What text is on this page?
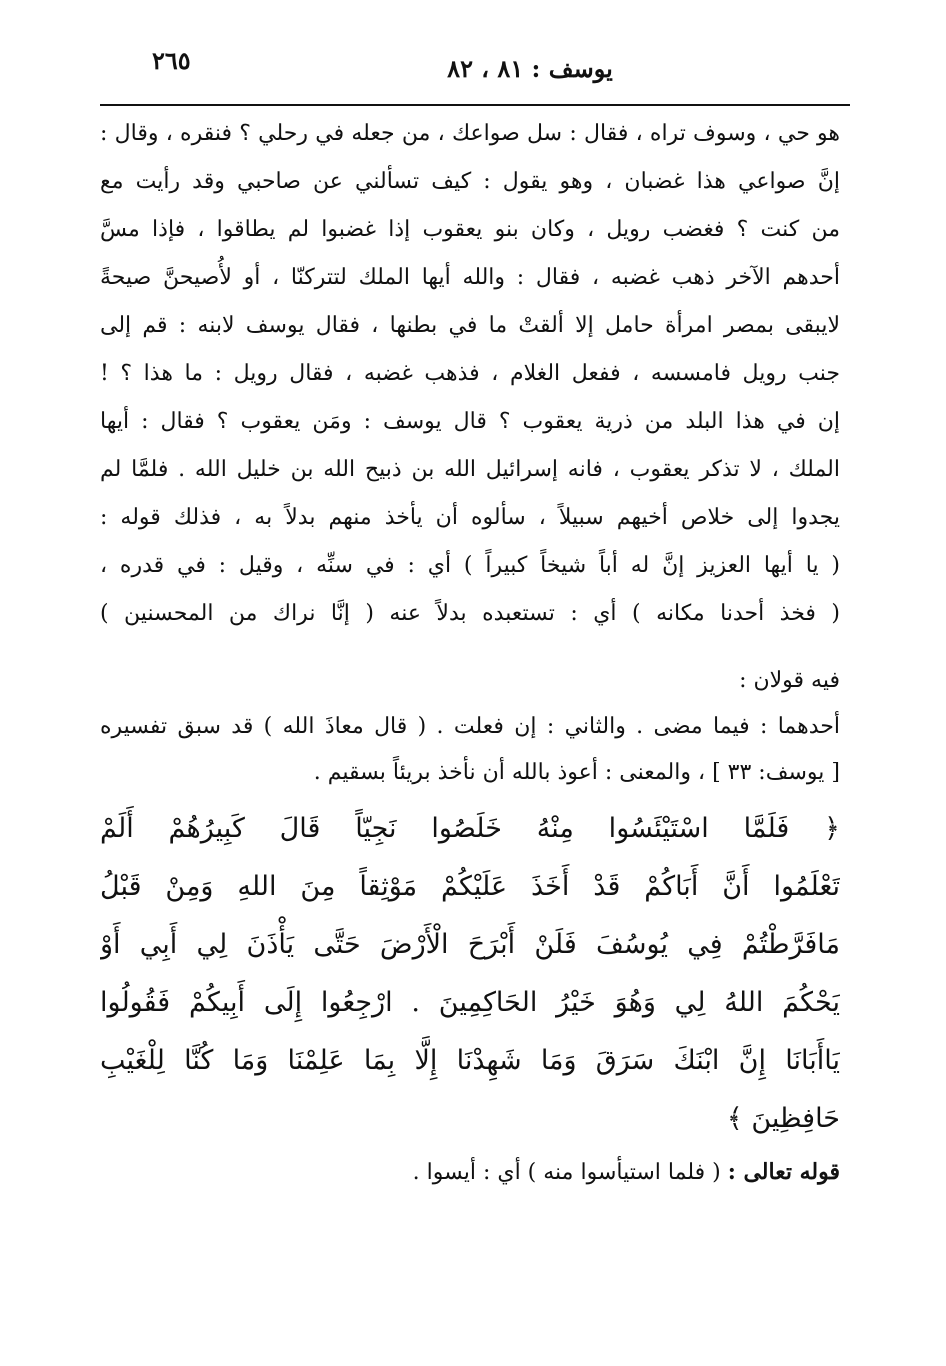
٢٦٥	يوسف : ٨١ ، ٨٢
هو حي ، وسوف تراه ، فقال : سل صواعك ، من جعله في رحلي ؟ فنقره ، وقال :
إنَّ صواعي هذا غضبان ، وهو يقول : كيف تسألني عن صاحبي وقد رأيت مع
من كنت ؟ فغضب رويل ، وكان بنو يعقوب إذا غضبوا لم يطاقوا ، فإذا مسَّ
أحدهم الآخر ذهب غضبه ، فقال : والله أيها الملك لتتركنّا ، أو لأُصيحنَّ صيحةً
لايبقى بمصر امرأة حامل إلا ألقتْ ما في بطنها ، فقال يوسف لابنه : قم إلى
جنب رويل فامسسه ، ففعل الغلام ، فذهب غضبه ، فقال رويل : ما هذا ؟ !
إن في هذا البلد من ذرية يعقوب ؟ قال يوسف : ومَن يعقوب ؟ فقال : أيها
الملك ، لا تذكر يعقوب ، فانه إسرائيل الله بن ذبيح الله بن خليل الله . فلمَّا لم
يجدوا إلى خلاص أخيهم سبيلاً ، سألوه أن يأخذ منهم بدلاً به ، فذلك قوله :
( يا أيها العزيز إنَّ له أباً شيخاً كبيراً ) أي : في سنِّه ، وقيل : في قدره ،
( فخذ أحدنا مكانه ) أي : تستعبده بدلاً عنه ( إنَّا نراك من المحسنين )
فيه قولان :
أحدهما : فيما مضى . والثاني : إن فعلت . ( قال معاذَ الله ) قد سبق تفسيره
[ يوسف: ٣٣ ] ، والمعنى : أعوذ بالله أن نأخذ بريئاً بسقيم .
﴿ فَلَمَّا اسْتَيْئَسُوا مِنْهُ خَلَصُوا نَجِيّاً قَالَ كَبِيرُهُمْ أَلَمْ
تَعْلَمُوا أَنَّ أَبَاكُمْ قَدْ أَخَذَ عَلَيْكُمْ مَوْثِقاً مِنَ اللهِ وَمِنْ قَبْلُ
مَافَرَّطْتُمْ فِي يُوسُفَ فَلَنْ أَبْرَحَ الْأَرْضَ حَتَّى يَأْذَنَ لِي أَبِي أَوْ
يَحْكُمَ اللهُ لِي وَهُوَ خَيْرُ الحَاكِمِينَ . ارْجِعُوا إِلَى أَبِيكُمْ فَقُولُوا
يَاأَبَانَا إِنَّ ابْنَكَ سَرَقَ وَمَا شَهِدْنَا إِلَّا بِمَا عَلِمْنَا وَمَا كُنَّا لِلْغَيْبِ
حَافِظِينَ ﴾
قوله تعالى : ( فلما استيأسوا منه ) أي : أيسوا .
